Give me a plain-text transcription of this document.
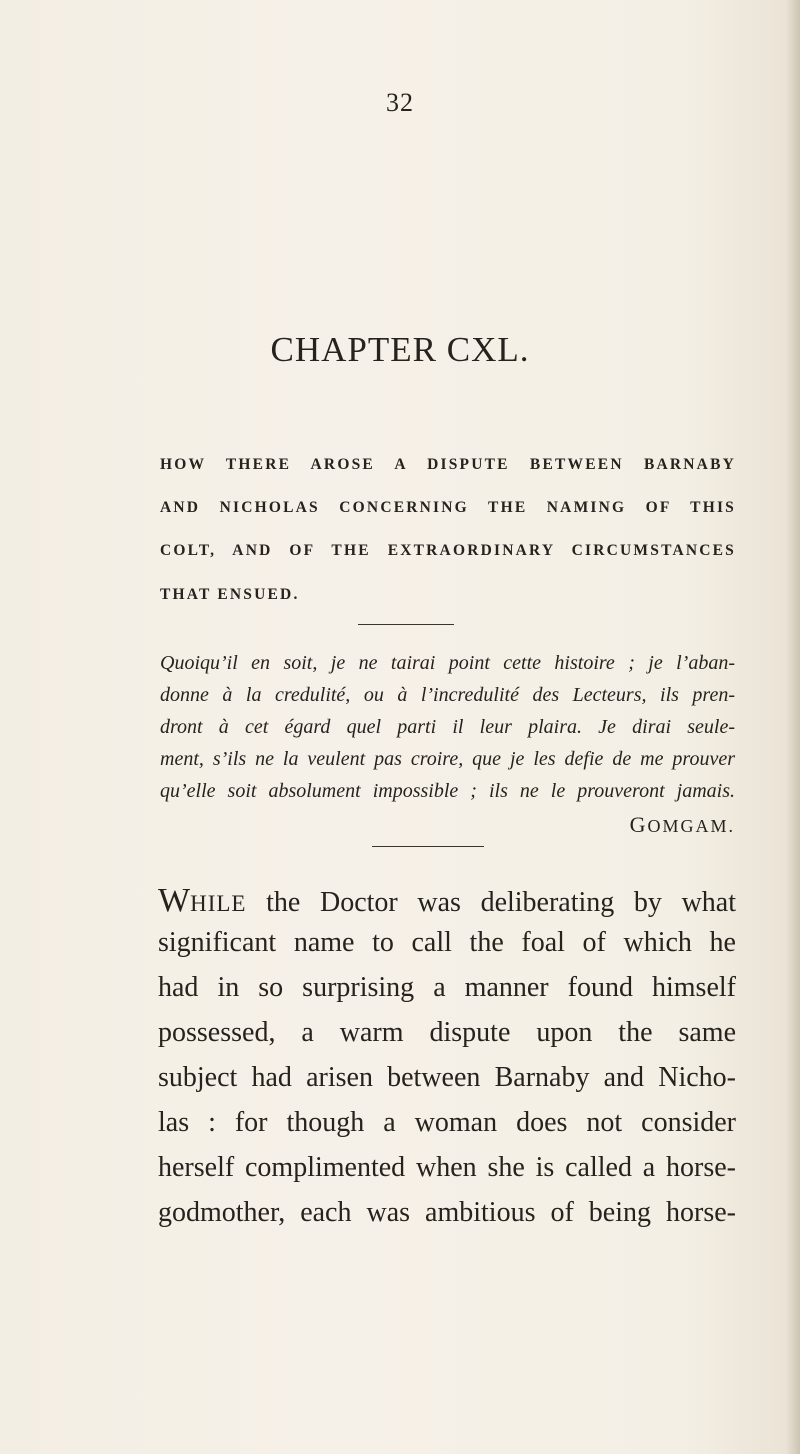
32
CHAPTER CXL.
HOW THERE AROSE A DISPUTE BETWEEN BARNABY
AND NICHOLAS CONCERNING THE NAMING OF THIS
COLT, AND OF THE EXTRAORDINARY CIRCUMSTANCES
THAT ENSUED.
Quoiqu’il en soit, je ne tairai point cette histoire ; je l’aban-
donne à la credulité, ou à l’incredulité des Lecteurs, ils pren-
dront à cet égard quel parti il leur plaira. Je dirai seule-
ment, s’ils ne la veulent pas croire, que je les defie de me prouver
qu’elle soit absolument impossible ; ils ne le prouveront jamais.
GOMGAM.
WHILE the Doctor was deliberating by what
significant name to call the foal of which he
had in so surprising a manner found himself
possessed, a warm dispute upon the same
subject had arisen between Barnaby and Nicho-
las : for though a woman does not consider
herself complimented when she is called a horse-
godmother, each was ambitious of being horse-
